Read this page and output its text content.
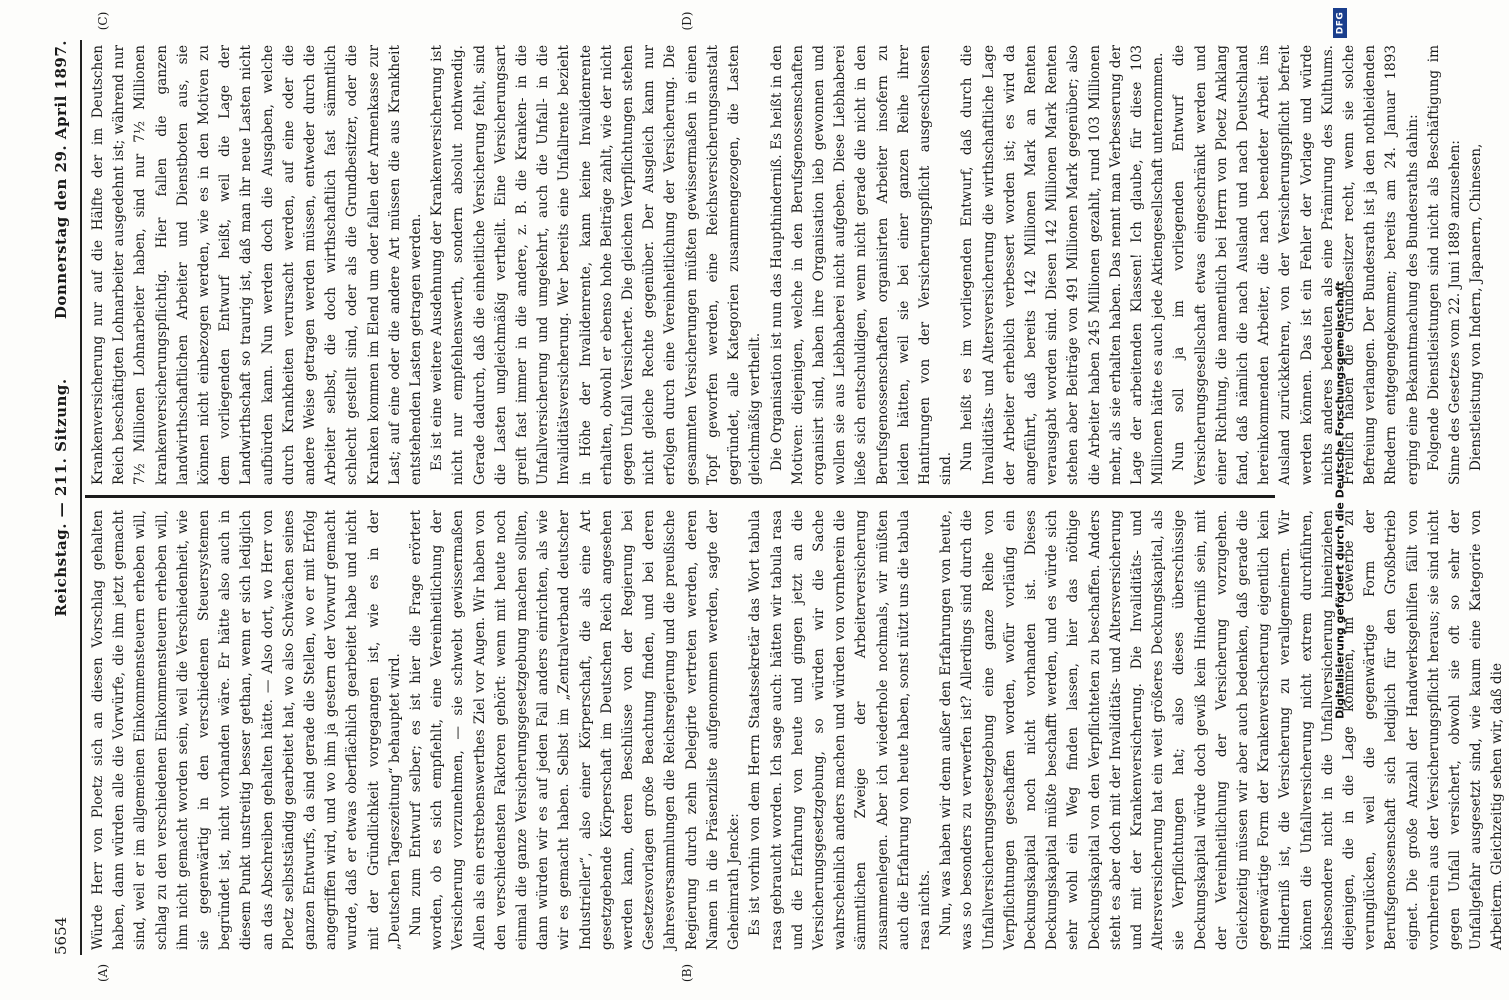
5654
Reichstag. — 211. Sitzung.
Donnerstag den 29. April 1897.
(A)	(B)
(C)	(D)

Würde Herr von Ploetz sich an diesen Vorschlag gehalten haben, dann würden alle die Vorwürfe, die ihm jetzt gemacht sind, weil er im allgemeinen Einkommensteuern erheben will, schlag zu den verschiedenen Einkommensteuern erheben will, ihm nicht gemacht worden sein, weil die Verschiedenheit, wie sie gegenwärtig in den verschiedenen Steuersystemen begründet ist, nicht vorhanden wäre. Er hätte also auch in diesem Punkt unstreitig besser gethan, wenn er sich lediglich an das Abschreiben gehalten hätte. — Also dort, wo Herr von Ploetz selbstständig gearbeitet hat, wo also Schwächen seines ganzen Entwurfs, da sind gerade die Stellen, wo er mit Erfolg angegriffen wird, und wo ihm ja gestern der Vorwurf gemacht wurde, daß er etwas oberflächlich gearbeitet habe und nicht mit der Gründlichkeit vorgegangen ist, wie es in der „Deutschen Tageszeitung“ behauptet wird. Nun zum Entwurf selber; es ist hier die Frage erörtert worden, ob es sich empfiehlt, eine Vereinheitlichung der Versicherung vorzunehmen, — sie schwebt gewissermaßen Allen als ein erstrebenswerthes Ziel vor Augen. Wir haben von den verschiedensten Faktoren gehört: wenn mit heute noch einmal die ganze Versicherungsgesetzgebung machen sollten, dann würden wir es auf jeden Fall anders einrichten, als wie wir es gemacht haben. Selbst im „Zentralverband deutscher Industrieller“, also einer Körperschaft, die als eine Art gesetzgebende Körperschaft im Deutschen Reich angesehen werden kann, deren Beschlüsse von der Regierung bei Gesetzesvorlagen große Beachtung finden, und bei deren Jahresversammlungen die Reichsregierung und die preußische Regierung durch zehn Delegirte vertreten werden, deren Namen in die Präsenzliste aufgenommen werden, sagte der Geheimrath Jencke: Es ist vorhin von dem Herrn Staatssekretär das Wort tabula rasa gebraucht worden. Ich sage auch: hätten wir tabula rasa und die Erfahrung von heute und gingen jetzt an die Versicherungsgesetzgebung, so würden wir die Sache wahrscheinlich anders machen und würden von vornherein die sämmtlichen Zweige der Arbeiterversicherung zusammenlegen. Aber ich wiederhole nochmals, wir müßten auch die Erfahrung von heute haben, sonst nützt uns die tabula rasa nichts. Nun, was haben wir denn außer den Erfahrungen von heute, was so besonders zu verwerfen ist? Allerdings sind durch die Unfallversicherungsgesetzgebung eine ganze Reihe von Verpflichtungen geschaffen worden, wofür vorläufig ein Deckungskapital noch nicht vorhanden ist. Dieses Deckungskapital müßte beschafft werden, und es würde sich sehr wohl ein Weg finden lassen, hier das nöthige Deckungskapital von den Verpflichteten zu beschaffen. Anders steht es aber doch mit der Invaliditäts- und Altersversicherung und mit der Krankenversicherung. Die Invaliditäts- und Altersversicherung hat ein weit größeres Deckungskapital, als sie Verpflichtungen hat; also dieses überschüssige Deckungskapital würde doch gewiß kein Hinderniß sein, mit der Vereinheitlichung der Versicherung vorzugehen. Gleichzeitig müssen wir aber auch bedenken, daß gerade die gegenwärtige Form der Krankenversicherung eigentlich kein Hinderniß ist, die Versicherung zu verallgemeinern. Wir können die Unfallversicherung nicht extrem durchführen, insbesondere nicht in die Unfallversicherung hineinziehen diejenigen, die in die Lage kommen, im Gewerbe zu verunglücken, weil die gegenwärtige Form der Berufsgenossenschaft sich lediglich für den Großbetrieb eignet. Die große Anzahl der Handwerksgehilfen fällt von vornherein aus der Versicherungspflicht heraus; sie sind nicht gegen Unfall versichert, obwohl sie oft so sehr der Unfallgefahr ausgesetzt sind, wie kaum eine Kategorie von Arbeitern. Gleichzeitig sehen wir, daß die

Krankenversicherung nur auf die Hälfte der im Deutschen Reich beschäftigten Lohnarbeiter ausgedehnt ist; während nur 7½ Millionen Lohnarbeiter haben, sind nur 7½ Millionen krankenversicherungspflichtig. Hier fallen die ganzen landwirthschaftlichen Arbeiter und Dienstboten aus, sie können nicht einbezogen werden, wie es in den Motiven zu dem vorliegenden Entwurf heißt, weil die Lage der Landwirthschaft so traurig ist, daß man ihr neue Lasten nicht aufbürden kann. Nun werden doch die Ausgaben, welche durch Krankheiten verursacht werden, auf eine oder die andere Weise getragen werden müssen, entweder durch die Arbeiter selbst, die doch wirthschaftlich fast sämmtlich schlecht gestellt sind, oder als die Grundbesitzer, oder die Kranken kommen im Elend um oder fallen der Armenkasse zur Last; auf eine oder die andere Art müssen die aus Krankheit entstehenden Lasten getragen werden. Es ist eine weitere Ausdehnung der Krankenversicherung ist nicht nur empfehlenswerth, sondern absolut nothwendig. Gerade dadurch, daß die einheitliche Versicherung fehlt, sind die Lasten ungleichmäßig vertheilt. Eine Versicherungsart greift fast immer in die andere, z. B. die Kranken- in die Unfallversicherung und umgekehrt, auch die Unfall- in die Invaliditätsversicherung. Wer bereits eine Unfallrente bezieht in Höhe der Invalidenrente, kann keine Invalidenrente erhalten, obwohl er ebenso hohe Beiträge zahlt, wie der nicht gegen Unfall Versicherte. Die gleichen Verpflichtungen stehen nicht gleiche Rechte gegenüber. Der Ausgleich kann nur erfolgen durch eine Vereinheitlichung der Versicherung. Die gesammten Versicherungen müßten gewissermaßen in einen Topf geworfen werden, eine Reichsversicherungsanstalt gegründet, alle Kategorien zusammengezogen, die Lasten gleichmäßig vertheilt. Die Organisation ist nun das Haupthinderniß. Es heißt in den Motiven: diejenigen, welche in den Berufsgenossenschaften organisirt sind, haben ihre Organisation lieb gewonnen und wollen sie aus Liebhaberei nicht aufgeben. Diese Liebhaberei ließe sich entschuldigen, wenn nicht gerade die nicht in den Berufsgenossenschaften organisirten Arbeiter insofern zu leiden hätten, weil sie bei einer ganzen Reihe ihrer Hantirungen von der Versicherungspflicht ausgeschlossen sind. Nun heißt es im vorliegenden Entwurf, daß durch die Invaliditäts- und Altersversicherung die wirthschaftliche Lage der Arbeiter erheblich verbessert worden ist; es wird da angeführt, daß bereits 142 Millionen Mark an Renten verausgabt worden sind. Diesen 142 Millionen Mark Renten stehen aber Beiträge von 491 Millionen Mark gegenüber; also die Arbeiter haben 245 Millionen gezahlt, rund 103 Millionen mehr, als sie erhalten haben. Das nennt man Verbesserung der Lage der arbeitenden Klassen! Ich glaube, für diese 103 Millionen hätte es auch jede Aktiengesellschaft unternommen. Nun soll ja im vorliegenden Entwurf die Versicherungsgesellschaft etwas eingeschränkt werden und einer Richtung, die namentlich bei Herrn von Ploetz Anklang fand, daß nämlich die nach Ausland und nach Deutschland hereinkommenden Arbeiter, die nach beendeter Arbeit ins Ausland zurückkehren, von der Versicherungspflicht befreit werden können. Das ist ein Fehler der Vorlage und würde nichts anderes bedeuten als eine Prämirung des Kulthums. Freilich haben die Grundbesitzer recht, wenn sie solche Befreiung verlangen. Der Bundesrath ist ja den nothleidenden Rhedern entgegengekommen; bereits am 24. Januar 1893 erging eine Bekanntmachung des Bundesraths dahin: Folgende Dienstleistungen sind nicht als Beschäftigung im Sinne des Gesetzes vom 22. Juni 1889 anzusehen: Dienstleistung von Indern, Japanern, Chinesen,

Digitalisierung gefördert durch die Deutsche Forschungsgemeinschaft
DFG
